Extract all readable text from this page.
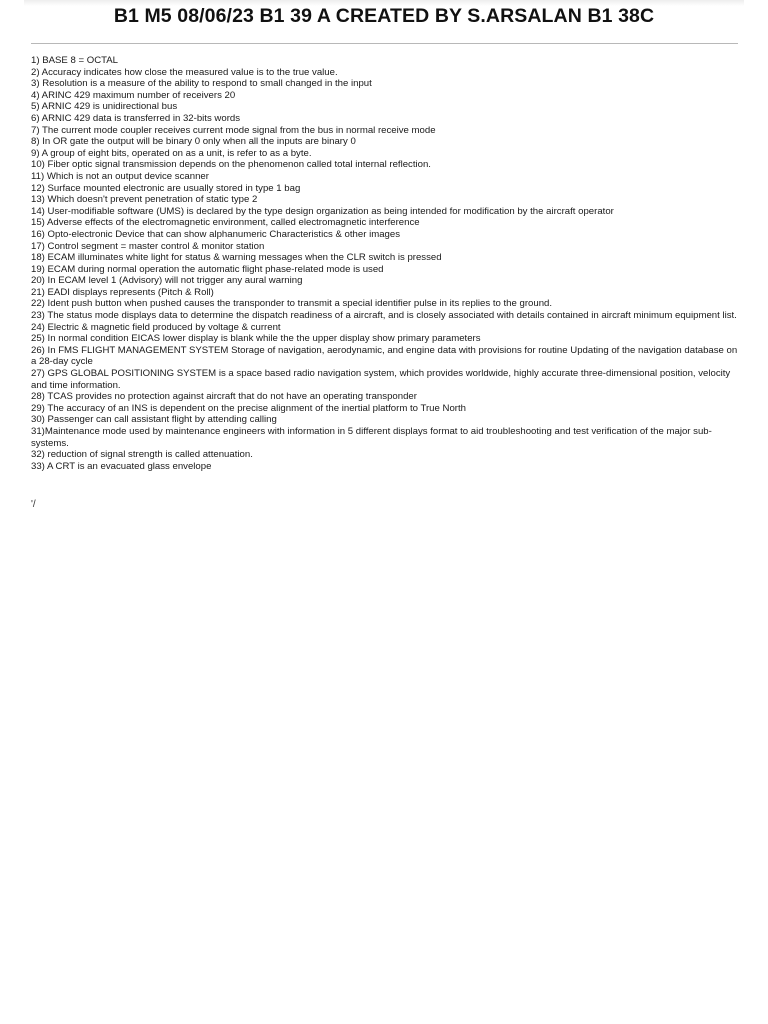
B1 M5 08/06/23 B1 39 A CREATED BY S.ARSALAN B1 38C

1) BASE 8 = OCTAL

2) Accuracy indicates how close the measured value is to the true value.

3) Resolution is a measure of the ability to respond to small changed in the input

4) ARINC 429 maximum number of receivers 20

5) ARNIC 429 is unidirectional bus

6) ARNIC 429 data is transferred in 32-bits words

7) The current mode coupler receives current mode signal from the bus in normal receive mode

8) In OR gate the output will be binary 0 only when all the inputs are binary 0

9) A group of eight bits, operated on as a unit, is refer to as a byte.

10) Fiber optic signal transmission depends on the phenomenon called total internal reflection.

11) Which is not an output device scanner

12) Surface mounted electronic are usually stored in type 1 bag

13) Which doesn't prevent penetration of static type 2

14) User-modifiable software (UMS) is declared by the type design organization as being intended for modification by the aircraft operator

15) Adverse effects of the electromagnetic environment, called electromagnetic interference

16) Opto-electronic Device that can show alphanumeric Characteristics & other images

17) Control segment = master control & monitor station

18) ECAM illuminates white light for status & warning messages when the CLR switch is pressed

19) ECAM during normal operation the automatic flight phase-related mode is used

20) In ECAM level 1 (Advisory) will not trigger any aural warning

21) EADI displays represents (Pitch & Roll)

22) Ident push button when pushed causes the transponder to transmit a special identifier pulse in its replies to the ground.

23) The status mode displays data to determine the dispatch readiness of a aircraft, and is closely associated with details contained in aircraft minimum equipment list.

24) Electric & magnetic field produced by voltage & current

25) In normal condition EICAS lower display is blank while the the upper display show primary parameters

26) In FMS FLIGHT MANAGEMENT SYSTEM Storage of navigation, aerodynamic, and engine data with provisions for routine Updating of the navigation database on a 28-day cycle

27) GPS GLOBAL POSITIONING SYSTEM is a space based radio navigation system, which provides worldwide, highly accurate three-dimensional position, velocity and time information.

28) TCAS provides no protection against aircraft that do not have an operating transponder

29) The accuracy of an INS is dependent on the precise alignment of the inertial platform to True North

30) Passenger can call assistant flight by attending calling

31)Maintenance mode used by maintenance engineers with information in 5 different displays format to aid troubleshooting and test verification of the major sub-systems.

32) reduction of signal strength is called attenuation.

33) A CRT is an evacuated glass envelope

'/
